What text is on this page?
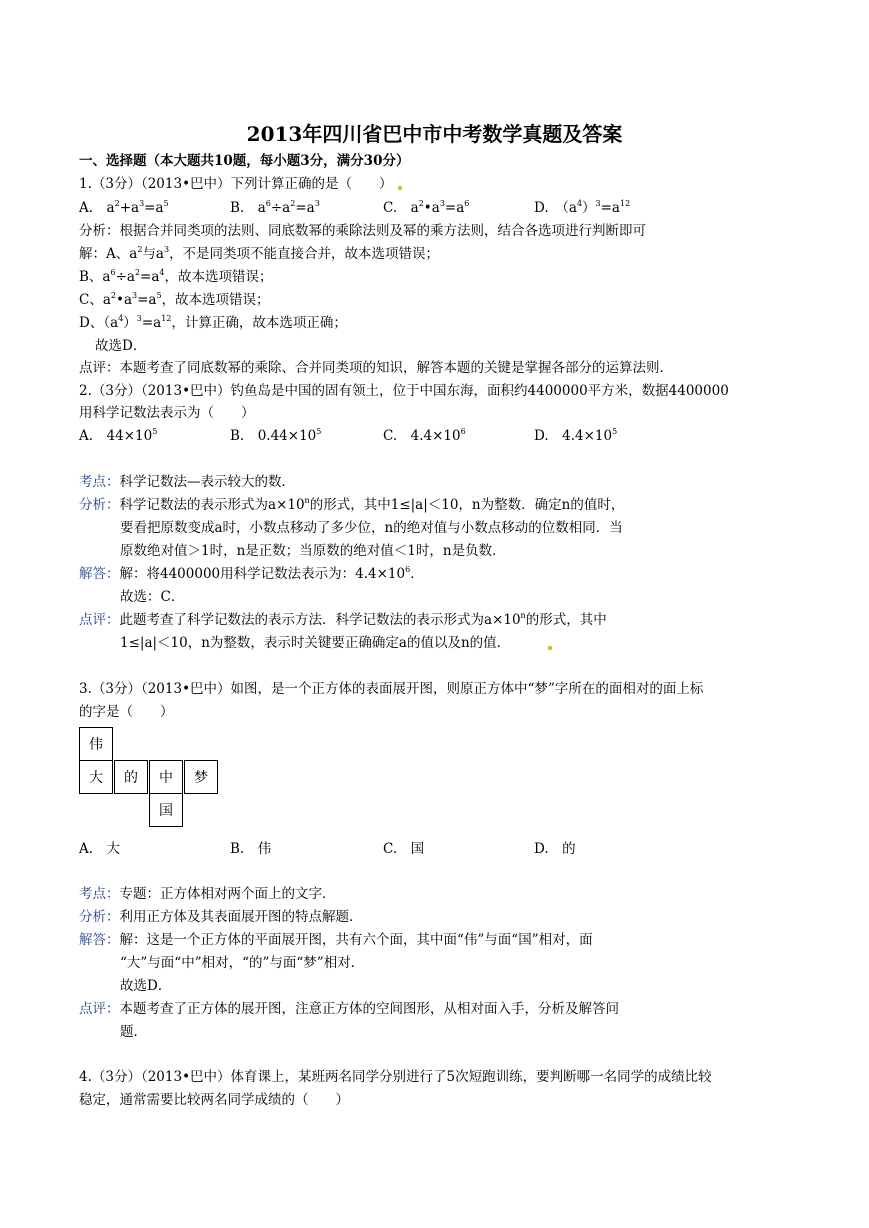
2013年四川省巴中市中考数学真题及答案
一、选择题（本大题共10题，每小题3分，满分30分）
1.（3分）（2013•巴中）下列计算正确的是（　　）
A.　$a^2+a^3=a^5$	B.　$a^6\div a^2=a^3$	C.　$a^2•a^3=a^6$	D.　$(a^4)^3=a^{12}$
分析：根据合并同类项的法则、同底数幂的乘除法则及幂的乘方法则，结合各选项进行判断即可
解：A、$a^2$与$a^3$，不是同类项不能直接合并，故本选项错误；
B、$a^6\div a^2=a^4$，故本选项错误；
C、$a^2•a^3=a^5$，故本选项错误；
D、$(a^4)^3=a^{12}$，计算正确，故本选项正确；
故选D．
点评：本题考查了同底数幂的乘除、合并同类项的知识，解答本题的关键是掌握各部分的运算法则．
2.（3分）（2013•巴中）钓鱼岛是中国的固有领土，位于中国东海，面积约4400000平方米，数据4400000
用科学记数法表示为（　　）
A.　$44\times 10^5$	B.　$0.44\times 10^5$	C.　$4.4\times 10^6$	D.　$4.4\times 10^5$
考点：科学记数法—表示较大的数．
分析：科学记数法的表示形式为$a\times 10^n$的形式，其中1≤|a|＜10，n为整数．确定n的值时，
要看把原数变成a时，小数点移动了多少位，n的绝对值与小数点移动的位数相同．当
原数绝对值＞1时，n是正数；当原数的绝对值＜1时，n是负数．
解答：解：将4400000用科学记数法表示为：$4.4\times 10^6$．
故选：C．
点评：此题考查了科学记数法的表示方法．科学记数法的表示形式为$a\times 10^n$的形式，其中
1≤|a|＜10，n为整数，表示时关键要正确确定a的值以及n的值．
3.（3分）（2013•巴中）如图，是一个正方体的表面展开图，则原正方体中“梦”字所在的面相对的面上标
的字是（　　）
伟
大	的	中	梦
国
A.　大	B.　伟	C.　国	D.　的
考点：专题：正方体相对两个面上的文字．
分析：利用正方体及其表面展开图的特点解题．
解答：解：这是一个正方体的平面展开图，共有六个面，其中面“伟”与面“国”相对，面
“大”与面“中”相对，“的”与面“梦”相对．
故选D．
点评：本题考查了正方体的展开图，注意正方体的空间图形，从相对面入手，分析及解答问
题．
4.（3分）（2013•巴中）体育课上，某班两名同学分别进行了5次短跑训练，要判断哪一名同学的成绩比较
稳定，通常需要比较两名同学成绩的（　　）
